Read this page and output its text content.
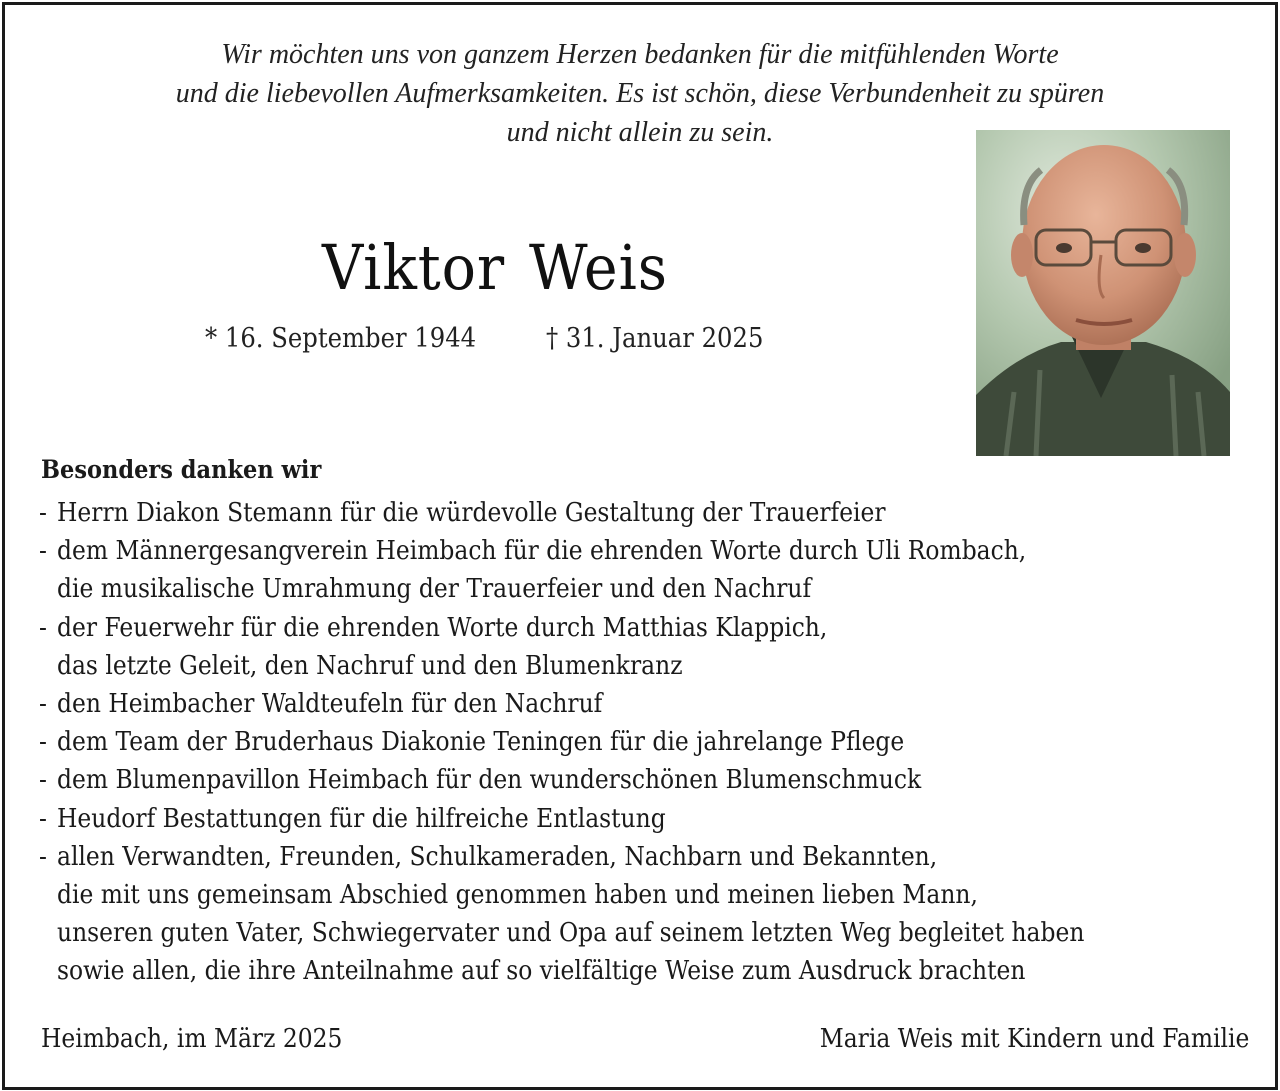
Wir möchten uns von ganzem Herzen bedanken für die mitfühlenden Worte
und die liebevollen Aufmerksamkeiten. Es ist schön, diese Verbundenheit zu spüren
und nicht allein zu sein.
Viktor Weis
* 16. September 1944	† 31. Januar 2025
Besonders danken wir
- Herrn Diakon Stemann für die würdevolle Gestaltung der Trauerfeier
- dem Männergesangverein Heimbach für die ehrenden Worte durch Uli Rombach,
die musikalische Umrahmung der Trauerfeier und den Nachruf
- der Feuerwehr für die ehrenden Worte durch Matthias Klappich,
das letzte Geleit, den Nachruf und den Blumenkranz
- den Heimbacher Waldteufeln für den Nachruf
- dem Team der Bruderhaus Diakonie Teningen für die jahrelange Pflege
- dem Blumenpavillon Heimbach für den wunderschönen Blumenschmuck
- Heudorf Bestattungen für die hilfreiche Entlastung
- allen Verwandten, Freunden, Schulkameraden, Nachbarn und Bekannten,
die mit uns gemeinsam Abschied genommen haben und meinen lieben Mann,
unseren guten Vater, Schwiegervater und Opa auf seinem letzten Weg begleitet haben
sowie allen, die ihre Anteilnahme auf so vielfältige Weise zum Ausdruck brachten
Heimbach, im März 2025	Maria Weis mit Kindern und Familie
